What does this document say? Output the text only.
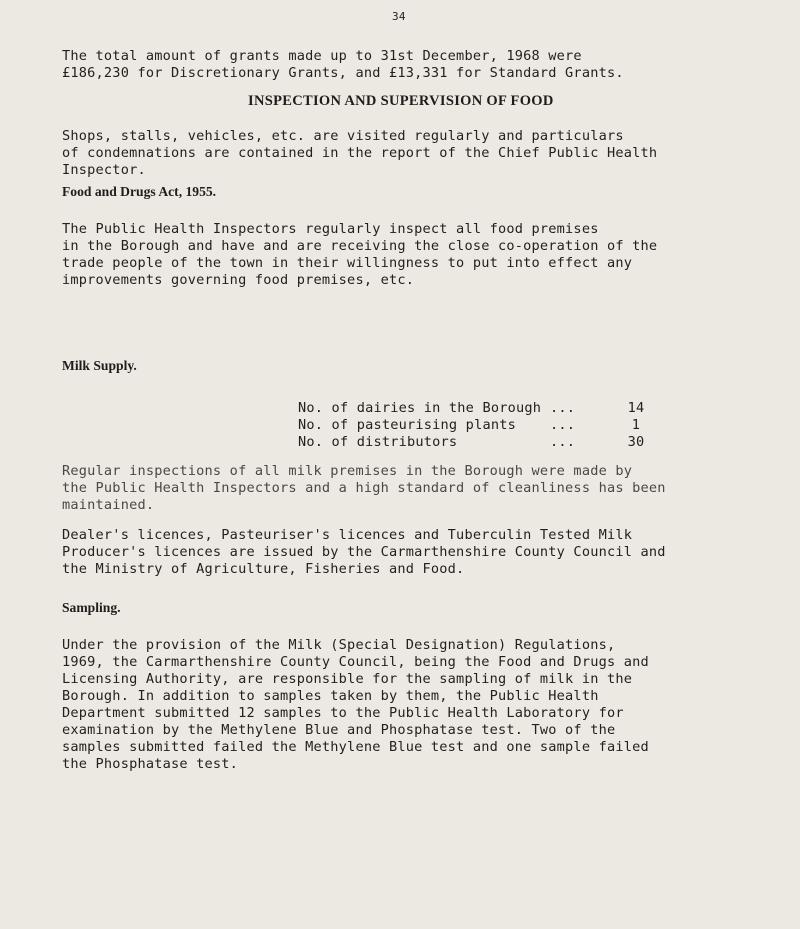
34

The total amount of grants made up to 31st December, 1968 were
£186,230 for Discretionary Grants, and £13,331 for Standard Grants.

INSPECTION AND SUPERVISION OF FOOD

Shops, stalls, vehicles, etc. are visited regularly and particulars
of condemnations are contained in the report of the Chief Public Health
Inspector.

Food and Drugs Act, 1955.

The Public Health Inspectors regularly inspect all food premises
in the Borough and have and are receiving the close co-operation of the
trade people of the town in their willingness to put into effect any
improvements governing food premises, etc.

Milk Supply.
No. of dairies in the Borough ...	14
No. of pasteurising plants	...	1
No. of distributors	...	30

Regular inspections of all milk premises in the Borough were made by
the Public Health Inspectors and a high standard of cleanliness has been
maintained.

Dealer's licences, Pasteuriser's licences and Tuberculin Tested Milk
Producer's licences are issued by the Carmarthenshire County Council and
the Ministry of Agriculture, Fisheries and Food.

Sampling.

Under the provision of the Milk (Special Designation) Regulations,
1969, the Carmarthenshire County Council, being the Food and Drugs and
Licensing Authority, are responsible for the sampling of milk in the
Borough. In addition to samples taken by them, the Public Health
Department submitted 12 samples to the Public Health Laboratory for
examination by the Methylene Blue and Phosphatase test. Two of the
samples submitted failed the Methylene Blue test and one sample failed
the Phosphatase test.
